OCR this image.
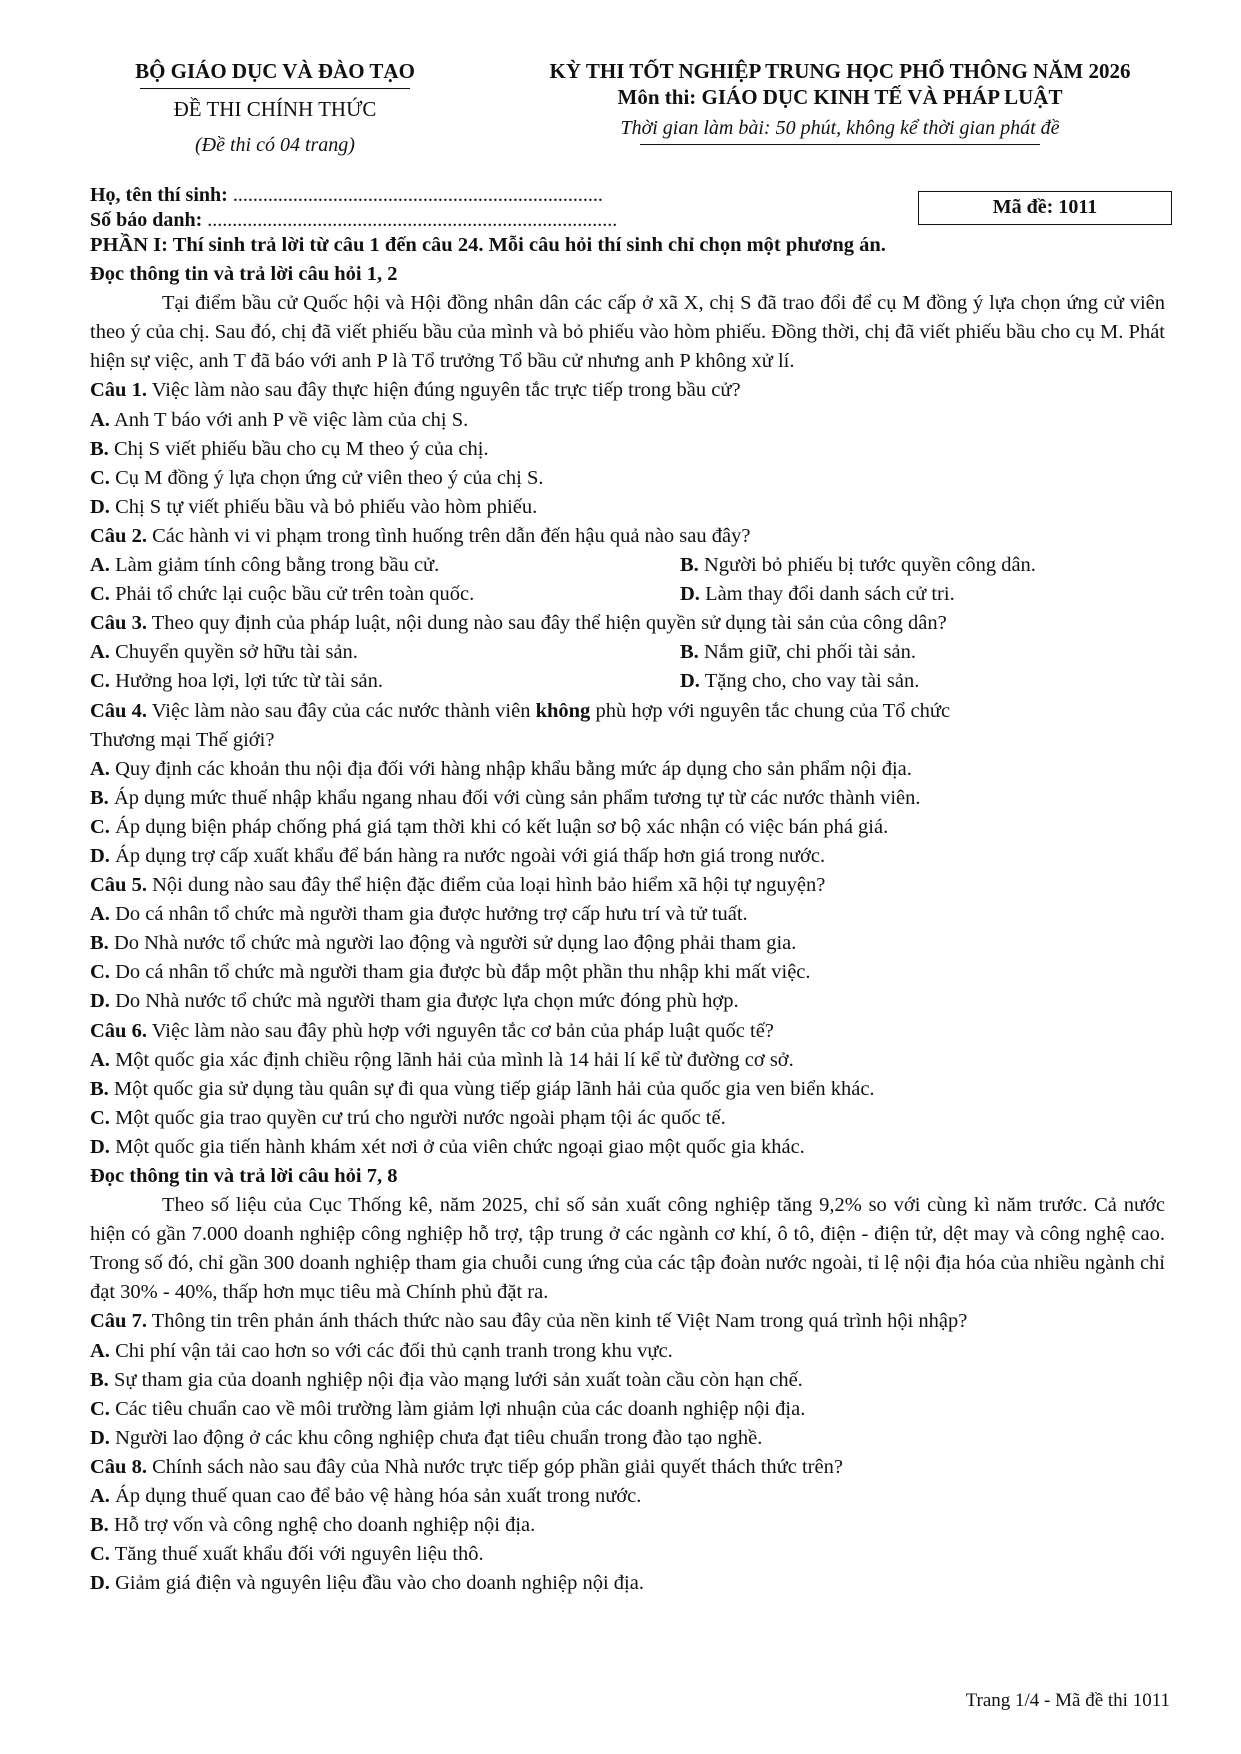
BỘ GIÁO DỤC VÀ ĐÀO TẠO
ĐỀ THI CHÍNH THỨC
(Đề thi có 04 trang)
KỲ THI TỐT NGHIỆP TRUNG HỌC PHỔ THÔNG NĂM 2026
Môn thi: GIÁO DỤC KINH TẾ VÀ PHÁP LUẬT
Thời gian làm bài: 50 phút, không kể thời gian phát đề
Họ, tên thí sinh: ..........................................................................
Số báo danh: ..................................................................................
Mã đề: 1011

PHẦN I: Thí sinh trả lời từ câu 1 đến câu 24. Mỗi câu hỏi thí sinh chỉ chọn một phương án.

Đọc thông tin và trả lời câu hỏi 1, 2

Tại điểm bầu cử Quốc hội và Hội đồng nhân dân các cấp ở xã X, chị S đã trao đổi để cụ M đồng ý lựa chọn ứng cử viên theo ý của chị. Sau đó, chị đã viết phiếu bầu của mình và bỏ phiếu vào hòm phiếu. Đồng thời, chị đã viết phiếu bầu cho cụ M. Phát hiện sự việc, anh T đã báo với anh P là Tổ trưởng Tổ bầu cử nhưng anh P không xử lí.

Câu 1. Việc làm nào sau đây thực hiện đúng nguyên tắc trực tiếp trong bầu cử?

A. Anh T báo với anh P về việc làm của chị S.

B. Chị S viết phiếu bầu cho cụ M theo ý của chị.

C. Cụ M đồng ý lựa chọn ứng cử viên theo ý của chị S.

D. Chị S tự viết phiếu bầu và bỏ phiếu vào hòm phiếu.

Câu 2. Các hành vi vi phạm trong tình huống trên dẫn đến hậu quả nào sau đây?

A. Làm giảm tính công bằng trong bầu cử.	B. Người bỏ phiếu bị tước quyền công dân.
C. Phải tổ chức lại cuộc bầu cử trên toàn quốc.	D. Làm thay đổi danh sách cử tri.

Câu 3. Theo quy định của pháp luật, nội dung nào sau đây thể hiện quyền sử dụng tài sản của công dân?

A. Chuyển quyền sở hữu tài sản.	B. Nắm giữ, chi phối tài sản.
C. Hưởng hoa lợi, lợi tức từ tài sản.	D. Tặng cho, cho vay tài sản.

Câu 4. Việc làm nào sau đây của các nước thành viên không phù hợp với nguyên tắc chung của Tổ chức

Thương mại Thế giới?

A. Quy định các khoản thu nội địa đối với hàng nhập khẩu bằng mức áp dụng cho sản phẩm nội địa.

B. Áp dụng mức thuế nhập khẩu ngang nhau đối với cùng sản phẩm tương tự từ các nước thành viên.

C. Áp dụng biện pháp chống phá giá tạm thời khi có kết luận sơ bộ xác nhận có việc bán phá giá.

D. Áp dụng trợ cấp xuất khẩu để bán hàng ra nước ngoài với giá thấp hơn giá trong nước.

Câu 5. Nội dung nào sau đây thể hiện đặc điểm của loại hình bảo hiểm xã hội tự nguyện?

A. Do cá nhân tổ chức mà người tham gia được hưởng trợ cấp hưu trí và tử tuất.

B. Do Nhà nước tổ chức mà người lao động và người sử dụng lao động phải tham gia.

C. Do cá nhân tổ chức mà người tham gia được bù đắp một phần thu nhập khi mất việc.

D. Do Nhà nước tổ chức mà người tham gia được lựa chọn mức đóng phù hợp.

Câu 6. Việc làm nào sau đây phù hợp với nguyên tắc cơ bản của pháp luật quốc tế?

A. Một quốc gia xác định chiều rộng lãnh hải của mình là 14 hải lí kể từ đường cơ sở.

B. Một quốc gia sử dụng tàu quân sự đi qua vùng tiếp giáp lãnh hải của quốc gia ven biển khác.

C. Một quốc gia trao quyền cư trú cho người nước ngoài phạm tội ác quốc tế.

D. Một quốc gia tiến hành khám xét nơi ở của viên chức ngoại giao một quốc gia khác.

Đọc thông tin và trả lời câu hỏi 7, 8

Theo số liệu của Cục Thống kê, năm 2025, chỉ số sản xuất công nghiệp tăng 9,2% so với cùng kì năm trước. Cả nước hiện có gần 7.000 doanh nghiệp công nghiệp hỗ trợ, tập trung ở các ngành cơ khí, ô tô, điện - điện tử, dệt may và công nghệ cao. Trong số đó, chỉ gần 300 doanh nghiệp tham gia chuỗi cung ứng của các tập đoàn nước ngoài, tỉ lệ nội địa hóa của nhiều ngành chỉ đạt 30% - 40%, thấp hơn mục tiêu mà Chính phủ đặt ra.

Câu 7. Thông tin trên phản ánh thách thức nào sau đây của nền kinh tế Việt Nam trong quá trình hội nhập?

A. Chi phí vận tải cao hơn so với các đối thủ cạnh tranh trong khu vực.

B. Sự tham gia của doanh nghiệp nội địa vào mạng lưới sản xuất toàn cầu còn hạn chế.

C. Các tiêu chuẩn cao về môi trường làm giảm lợi nhuận của các doanh nghiệp nội địa.

D. Người lao động ở các khu công nghiệp chưa đạt tiêu chuẩn trong đào tạo nghề.

Câu 8. Chính sách nào sau đây của Nhà nước trực tiếp góp phần giải quyết thách thức trên?

A. Áp dụng thuế quan cao để bảo vệ hàng hóa sản xuất trong nước.

B. Hỗ trợ vốn và công nghệ cho doanh nghiệp nội địa.

C. Tăng thuế xuất khẩu đối với nguyên liệu thô.

D. Giảm giá điện và nguyên liệu đầu vào cho doanh nghiệp nội địa.

Trang 1/4 - Mã đề thi 1011
